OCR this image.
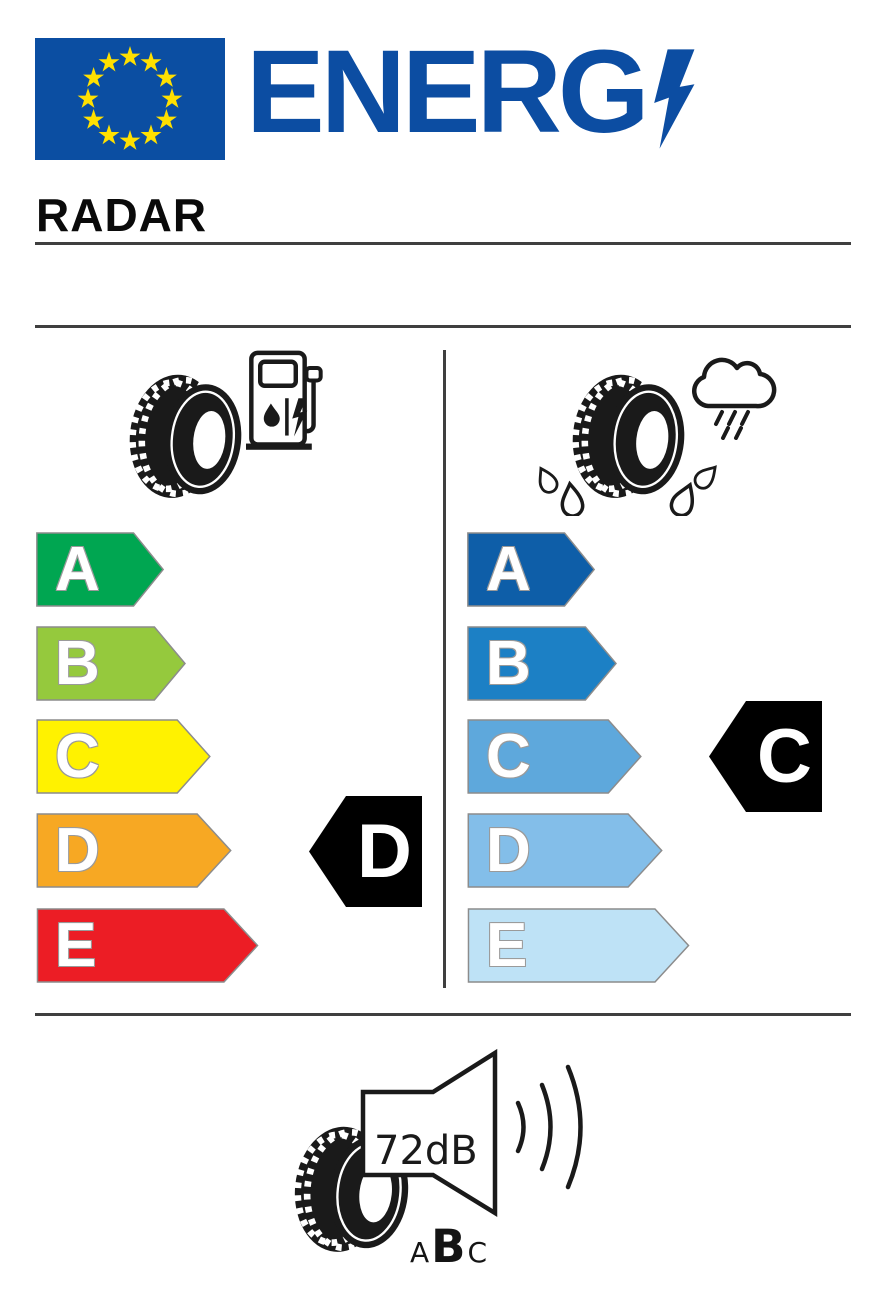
ENERG
RADAR
A
B
C
D
E
D
A
B
C
D
E
C
72dB
A B C
